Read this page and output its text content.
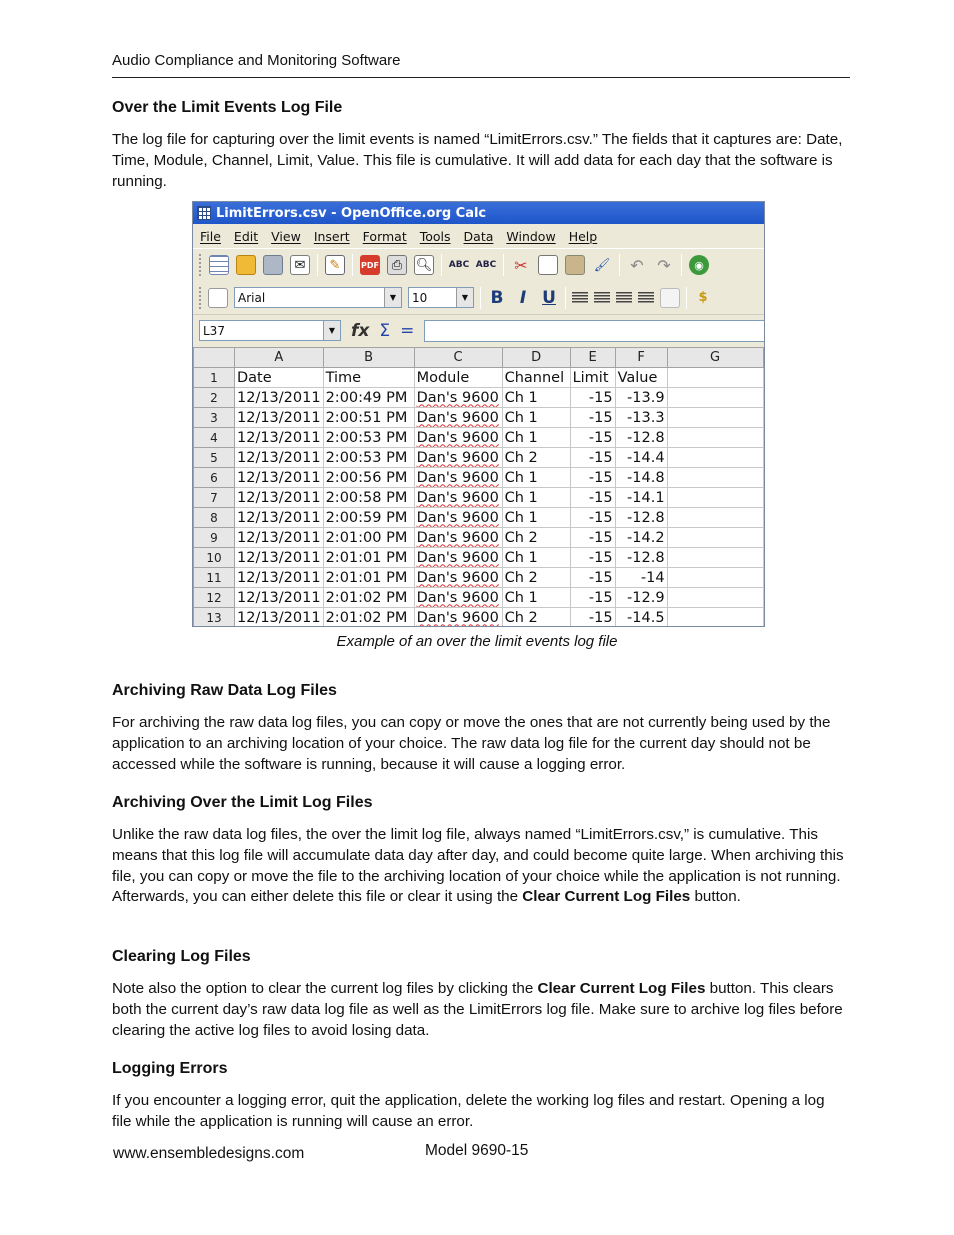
Audio Compliance and Monitoring Software
Over the Limit Events Log File

The log file for capturing over the limit events is named “LimitErrors.csv.” The fields that it captures are: Date, Time, Module, Channel, Limit, Value. This file is cumulative. It will add data for each day that the software is running.

LimitErrors.csv - OpenOffice.org Calc
File Edit View Insert Format Tools Data Window Help
✉	✎	PDF ⎙	🔍︎ ABC ABC ✂	🖌︎ ↶ ↷	◉
Arial	▼	10	▼ B I U	$
L37	▼ fx Σ =
	A	B	C	D	E	F	G
1	Date	Time	Module	Channel	Limit	Value	
2	12/13/2011	2:00:49 PM	Dan's 9600	Ch 1	-15	-13.9	
3	12/13/2011	2:00:51 PM	Dan's 9600	Ch 1	-15	-13.3	
4	12/13/2011	2:00:53 PM	Dan's 9600	Ch 1	-15	-12.8	
5	12/13/2011	2:00:53 PM	Dan's 9600	Ch 2	-15	-14.4	
6	12/13/2011	2:00:56 PM	Dan's 9600	Ch 1	-15	-14.8	
7	12/13/2011	2:00:58 PM	Dan's 9600	Ch 1	-15	-14.1	
8	12/13/2011	2:00:59 PM	Dan's 9600	Ch 1	-15	-12.8	
9	12/13/2011	2:01:00 PM	Dan's 9600	Ch 2	-15	-14.2	
10	12/13/2011	2:01:01 PM	Dan's 9600	Ch 1	-15	-12.8	
11	12/13/2011	2:01:01 PM	Dan's 9600	Ch 2	-15	-14	
12	12/13/2011	2:01:02 PM	Dan's 9600	Ch 1	-15	-12.9	
13	12/13/2011	2:01:02 PM	Dan's 9600	Ch 2	-15	-14.5	
Example of an over the limit events log file
Archiving Raw Data Log Files

For archiving the raw data log files, you can copy or move the ones that are not currently being used by the application to an archiving location of your choice. The raw data log file for the current day should not be accessed while the software is running, because it will cause a logging error.

Archiving Over the Limit Log Files

Unlike the raw data log files, the over the limit log file, always named “LimitErrors.csv,” is cumulative. This means that this log file will accumulate data day after day, and could become quite large. When archiving this file, you can copy or move the file to the archiving location of your choice while the application is not running. Afterwards, you can either delete this file or clear it using the Clear Current Log Files button.

Clearing Log Files

Note also the option to clear the current log files by clicking the Clear Current Log Files button. This clears both the current day’s raw data log file as well as the LimitErrors log file. Make sure to archive log files before clearing the active log files to avoid losing data.

Logging Errors

If you encounter a logging error, quit the application, delete the working log files and restart. Opening a log file while the application is running will cause an error.

www.ensembledesigns.com	Model 9690-15
